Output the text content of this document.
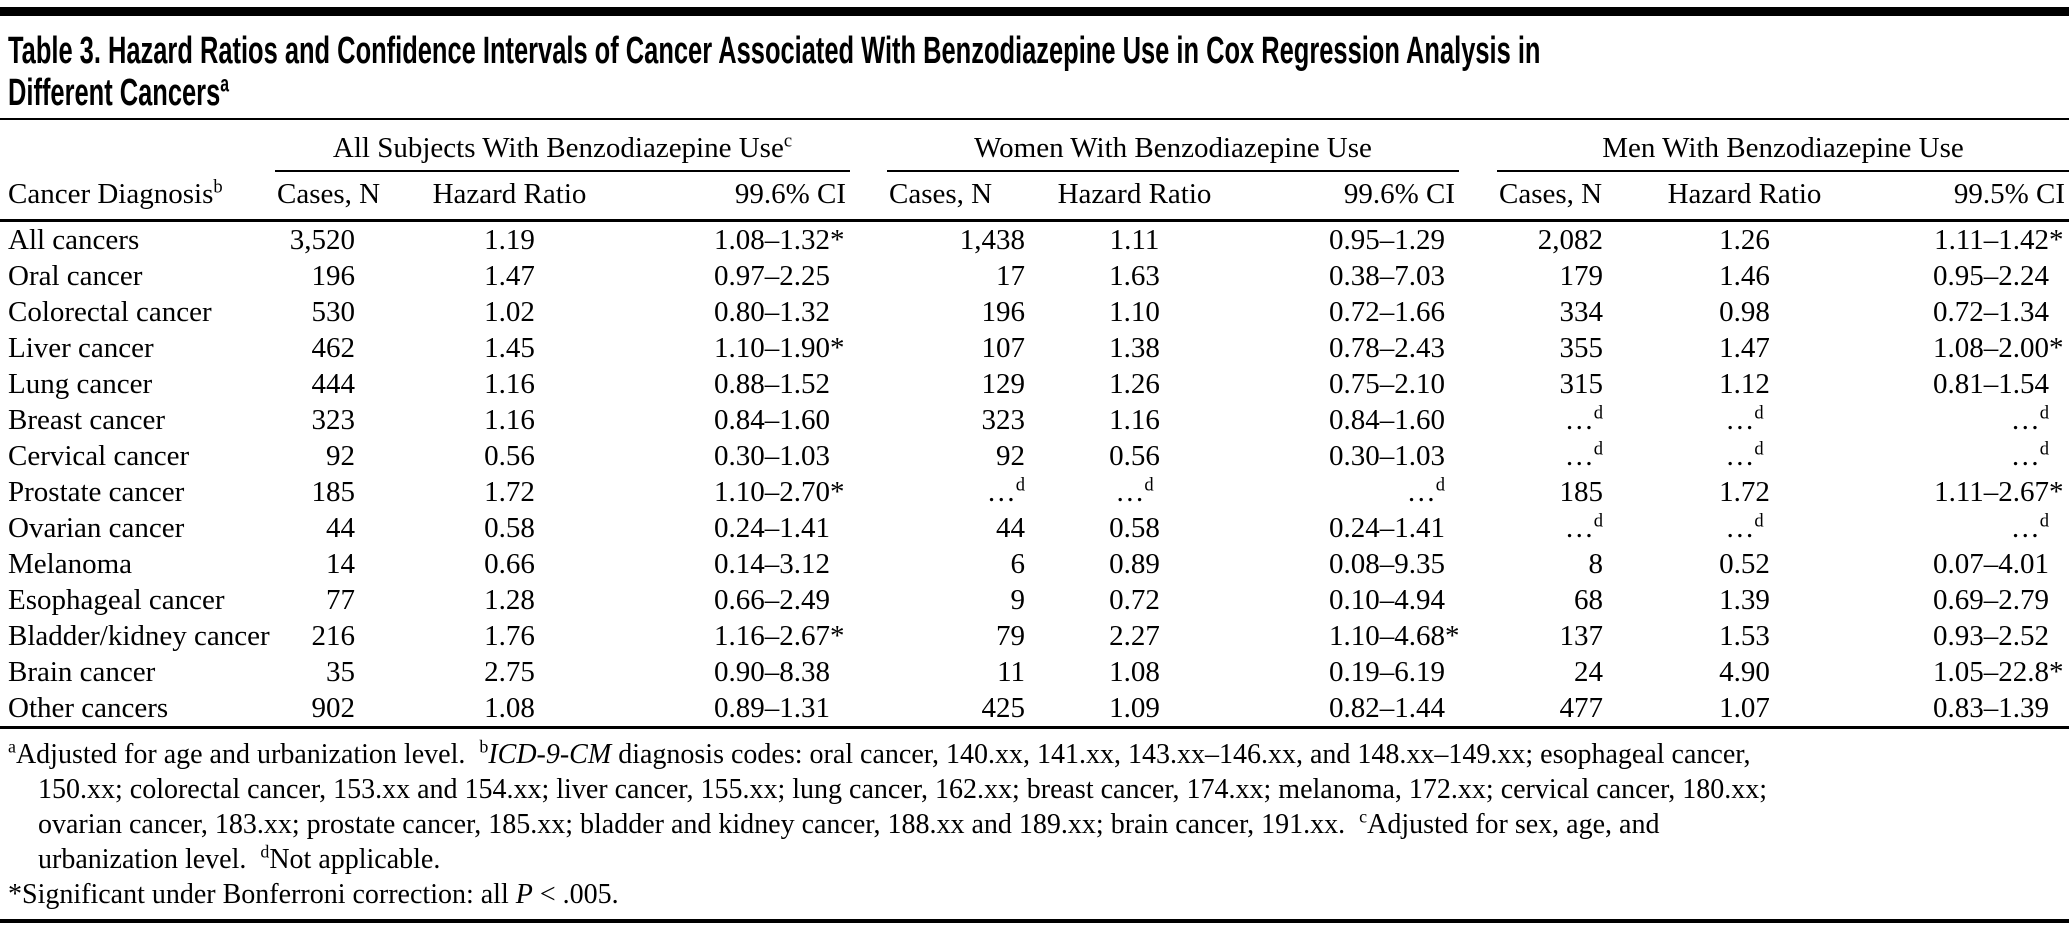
Table 3. Hazard Ratios and Confidence Intervals of Cancer Associated With Benzodiazepine Use in Cox Regression Analysis in
Different Cancers$^a$
	All Subjects With Benzodiazepine Use$^c$				Women With Benzodiazepine Use				Men With Benzodiazepine Use		
Cancer Diagnosis$^b$	Cases, N	Hazard Ratio	99.6% CI		Cases, N	Hazard Ratio	99.6% CI		Cases, N	Hazard Ratio	99.5% CI
All cancers	3,520	1.19	1.08–1.32*		1,438	1.11	0.95–1.29		2,082	1.26	1.11–1.42*
Oral cancer	196	1.47	0.97–2.25		17	1.63	0.38–7.03		179	1.46	0.95–2.24
Colorectal cancer	530	1.02	0.80–1.32		196	1.10	0.72–1.66		334	0.98	0.72–1.34
Liver cancer	462	1.45	1.10–1.90*		107	1.38	0.78–2.43		355	1.47	1.08–2.00*
Lung cancer	444	1.16	0.88–1.52		129	1.26	0.75–2.10		315	1.12	0.81–1.54
Breast cancer	323	1.16	0.84–1.60		323	1.16	0.84–1.60		…$^d$	…$^d$	…$^d$
Cervical cancer	92	0.56	0.30–1.03		92	0.56	0.30–1.03		…$^d$	…$^d$	…$^d$
Prostate cancer	185	1.72	1.10–2.70*		…$^d$	…$^d$	…$^d$		185	1.72	1.11–2.67*
Ovarian cancer	44	0.58	0.24–1.41		44	0.58	0.24–1.41		…$^d$	…$^d$	…$^d$
Melanoma	14	0.66	0.14–3.12		6	0.89	0.08–9.35		8	0.52	0.07–4.01
Esophageal cancer	77	1.28	0.66–2.49		9	0.72	0.10–4.94		68	1.39	0.69–2.79
Bladder/kidney cancer	216	1.76	1.16–2.67*		79	2.27	1.10–4.68*		137	1.53	0.93–2.52
Brain cancer	35	2.75	0.90–8.38		11	1.08	0.19–6.19		24	4.90	1.05–22.8*
Other cancers	902	1.08	0.89–1.31		425	1.09	0.82–1.44		477	1.07	0.83–1.39
$^a$Adjusted for age and urbanization level.  $^b$ICD-9-CM diagnosis codes: oral cancer, 140.xx, 141.xx, 143.xx–146.xx, and 148.xx–149.xx; esophageal cancer,
150.xx; colorectal cancer, 153.xx and 154.xx; liver cancer, 155.xx; lung cancer, 162.xx; breast cancer, 174.xx; melanoma, 172.xx; cervical cancer, 180.xx;
ovarian cancer, 183.xx; prostate cancer, 185.xx; bladder and kidney cancer, 188.xx and 189.xx; brain cancer, 191.xx.  $^c$Adjusted for sex, age, and
urbanization level.  $^d$Not applicable.
*Significant under Bonferroni correction: all P < .005.
